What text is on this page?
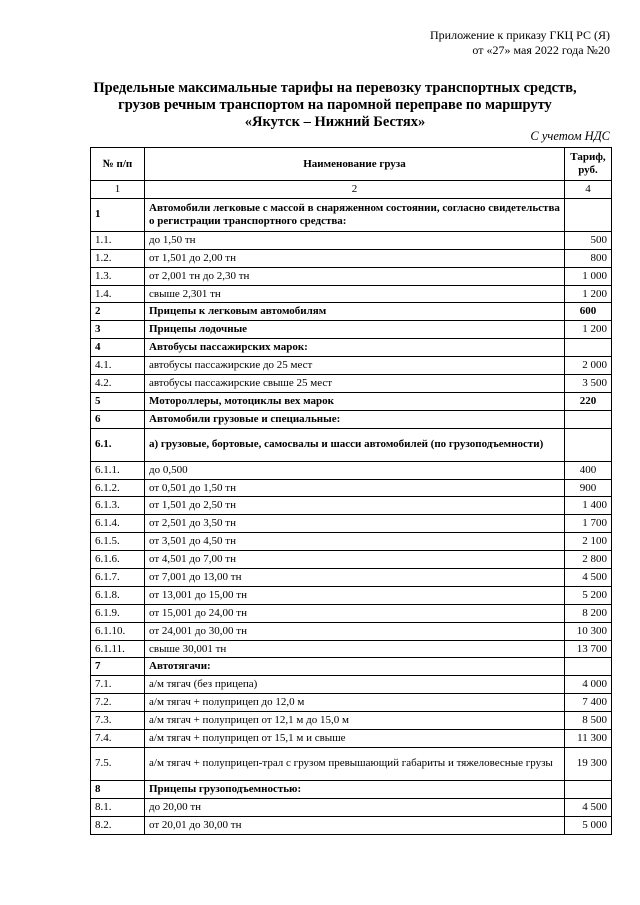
Приложение к приказу ГКЦ РС (Я)
от «27» мая 2022 года №20
Предельные максимальные тарифы на перевозку транспортных средств,
грузов речным транспортом на паромной переправе по маршруту
«Якутск – Нижний Бестях»
С учетом НДС
№ п/п	Наименование груза	Тариф,
руб.
1	2	4
1	Автомобили легковые с массой в снаряженном состоянии, согласно свидетельства о регистрации транспортного средства:	
1.1.	до 1,50 тн	500
1.2.	от 1,501 до 2,00 тн	800
1.3.	от 2,001 тн до 2,30 тн	1 000
1.4.	свыше 2,301 тн	1 200
2	Прицепы к легковым автомобилям	600
3	Прицепы лодочные	1 200
4	Автобусы пассажирских марок:	
4.1.	автобусы пассажирские до 25 мест	2 000
4.2.	автобусы пассажирские свыше 25 мест	3 500
5	Мотороллеры, мотоциклы вех марок	220
6	Автомобили грузовые и специальные:	
6.1.	а) грузовые, бортовые, самосвалы и шасси автомобилей (по грузоподъемности)	
6.1.1.	до 0,500	400
6.1.2.	от 0,501 до 1,50 тн	900
6.1.3.	от 1,501 до 2,50 тн	1 400
6.1.4.	от 2,501 до 3,50 тн	1 700
6.1.5.	от 3,501 до 4,50 тн	2 100
6.1.6.	от 4,501 до 7,00 тн	2 800
6.1.7.	от 7,001 до 13,00 тн	4 500
6.1.8.	от 13,001 до 15,00 тн	5 200
6.1.9.	от 15,001 до 24,00 тн	8 200
6.1.10.	от 24,001 до 30,00 тн	10 300
6.1.11.	свыше 30,001 тн	13 700
7	Автотягачи:	
7.1.	а/м тягач (без прицепа)	4 000
7.2.	а/м тягач + полуприцеп до 12,0 м	7 400
7.3.	а/м тягач + полуприцеп от 12,1 м до 15,0 м	8 500
7.4.	а/м тягач + полуприцеп от 15,1 м и свыше	11 300
7.5.	а/м тягач + полуприцеп-трал с грузом превышающий габариты и тяжеловесные грузы	19 300
8	Прицепы грузоподъемностью:	
8.1.	до 20,00 тн	4 500
8.2.	от 20,01 до 30,00 тн	5 000
